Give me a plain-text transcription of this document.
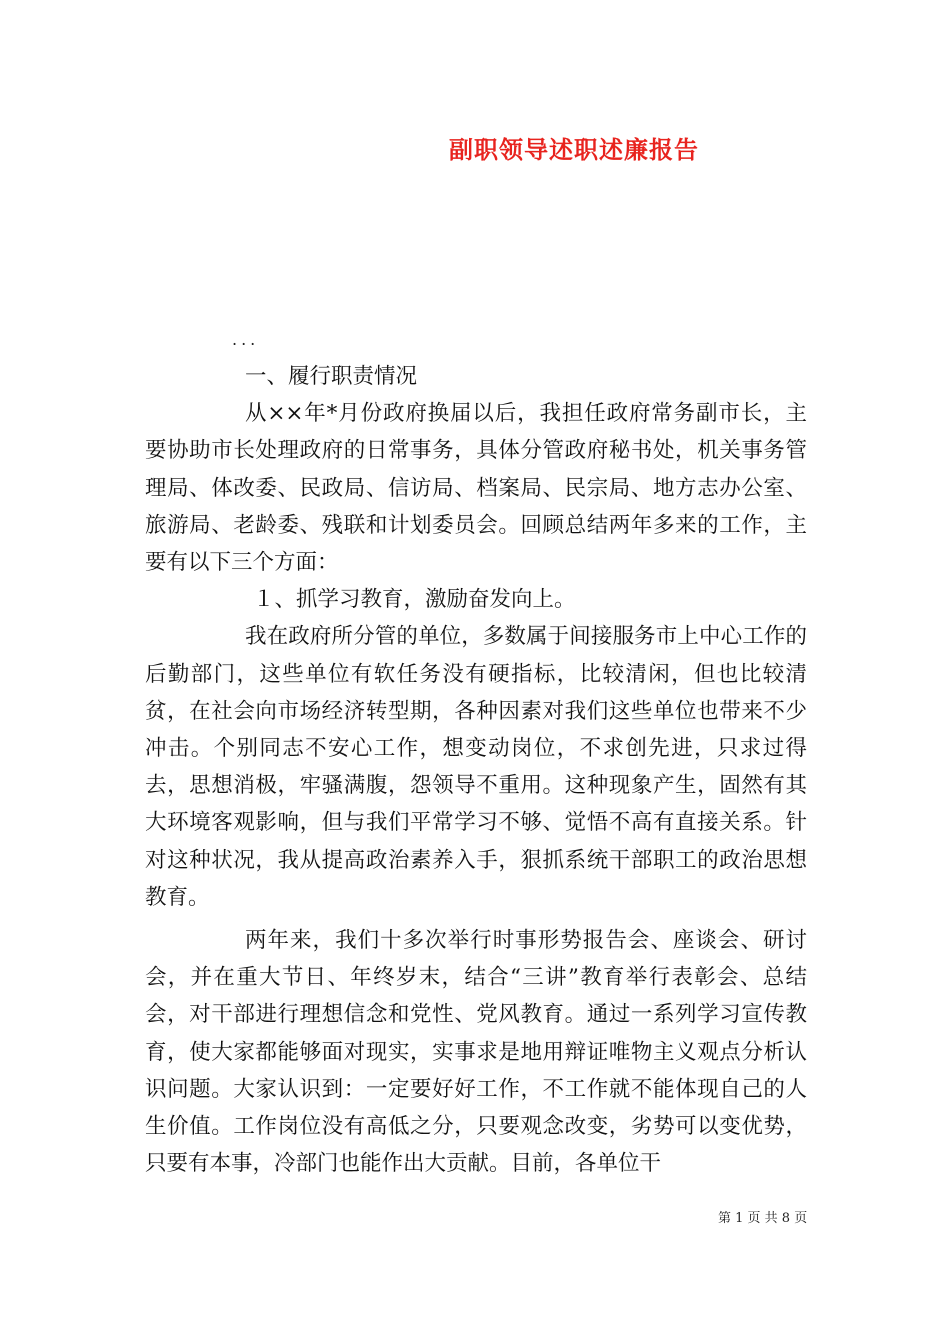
副职领导述职述廉报告
...

一、履行职责情况

从××年*月份政府换届以后，我担任政府常务副市长，主要协助市长处理政府的日常事务，具体分管政府秘书处，机关事务管理局、体改委、民政局、信访局、档案局、民宗局、地方志办公室、旅游局、老龄委、残联和计划委员会。回顾总结两年多来的工作，主要有以下三个方面：

１、抓学习教育，激励奋发向上。

我在政府所分管的单位，多数属于间接服务市上中心工作的后勤部门，这些单位有软任务没有硬指标，比较清闲，但也比较清贫，在社会向市场经济转型期，各种因素对我们这些单位也带来不少冲击。个别同志不安心工作，想变动岗位，不求创先进，只求过得去，思想消极，牢骚满腹，怨领导不重用。这种现象产生，固然有其大环境客观影响，但与我们平常学习不够、觉悟不高有直接关系。针对这种状况，我从提高政治素养入手，狠抓系统干部职工的政治思想教育。

两年来，我们十多次举行时事形势报告会、座谈会、研讨会，并在重大节日、年终岁末，结合“三讲”教育举行表彰会、总结会，对干部进行理想信念和党性、党风教育。通过一系列学习宣传教育，使大家都能够面对现实，实事求是地用辩证唯物主义观点分析认识问题。大家认识到：一定要好好工作，不工作就不能体现自己的人生价值。工作岗位没有高低之分，只要观念改变，劣势可以变优势，只要有本事，冷部门也能作出大贡献。目前，各单位干

第 1 页 共 8 页
